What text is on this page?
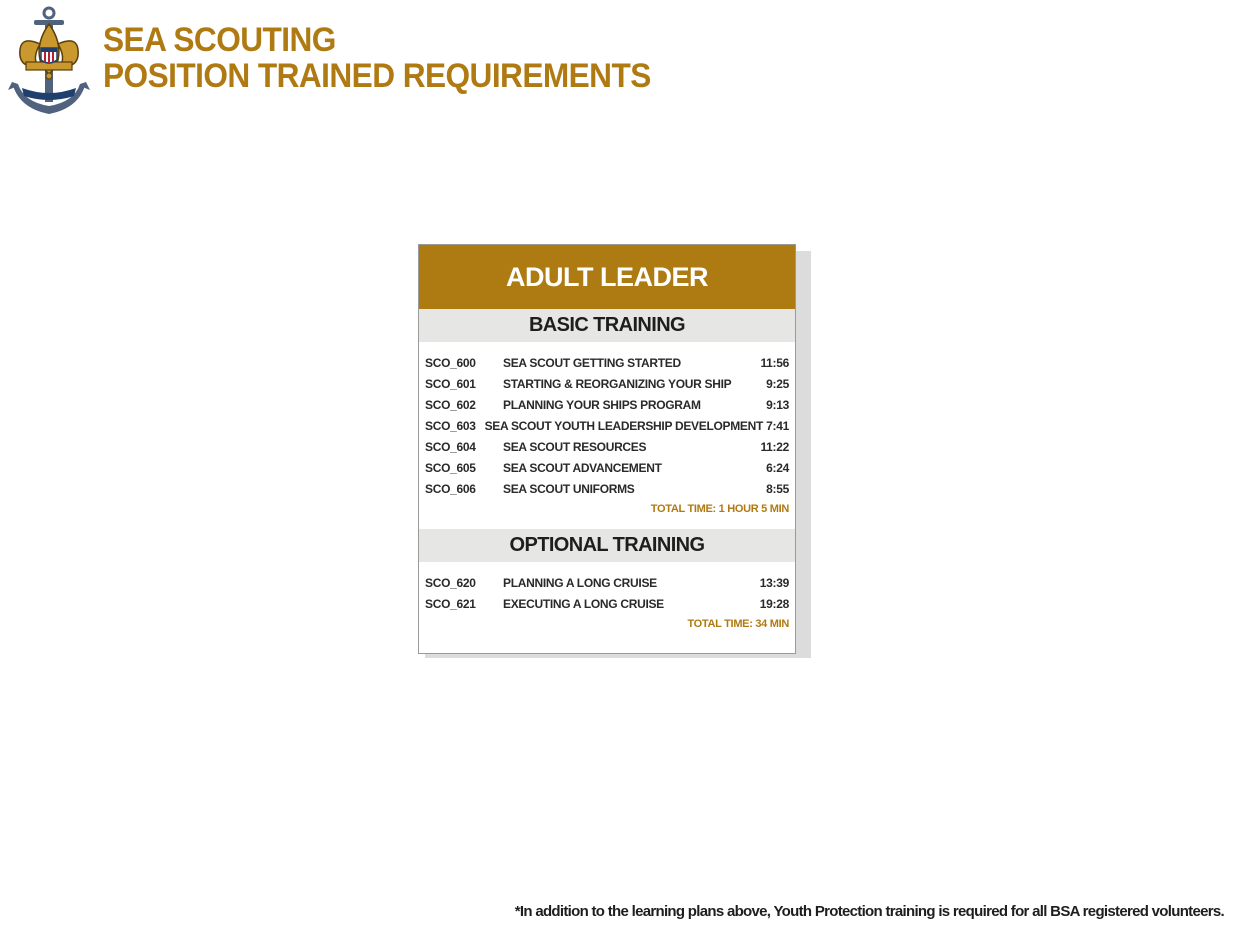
SEA SCOUTING
POSITION TRAINED REQUIREMENTS
ADULT LEADER
BASIC TRAINING
SCO_600	SEA SCOUT GETTING STARTED	11:56
SCO_601	STARTING & REORGANIZING YOUR SHIP	9:25
SCO_602	PLANNING YOUR SHIPS PROGRAM	9:13
SCO_603 SEA SCOUT YOUTH LEADERSHIP DEVELOPMENT 7:41
SCO_604	SEA SCOUT RESOURCES	11:22
SCO_605	SEA SCOUT ADVANCEMENT	6:24
SCO_606	SEA SCOUT UNIFORMS	8:55
TOTAL TIME: 1 HOUR 5 MIN
OPTIONAL TRAINING
SCO_620	PLANNING A LONG CRUISE	13:39
SCO_621	EXECUTING A LONG CRUISE	19:28
TOTAL TIME: 34 MIN
*In addition to the learning plans above, Youth Protection training is required for all BSA registered volunteers.
